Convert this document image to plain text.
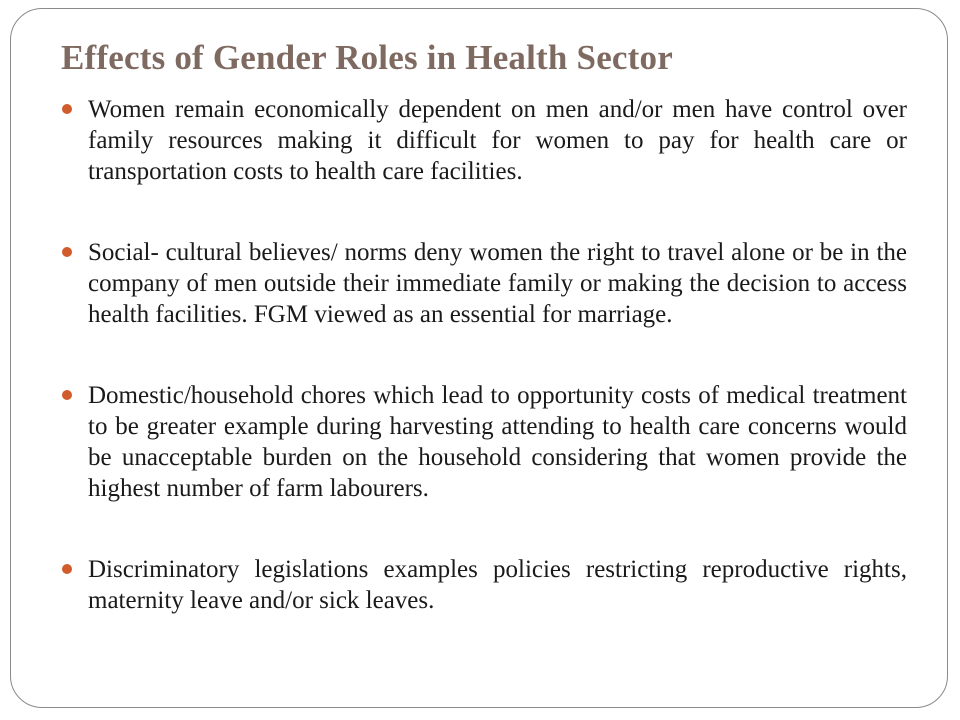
Effects of Gender Roles in Health Sector
Women remain economically dependent on men and/or men have control over family resources making it difficult for women to pay for health care or transportation costs to health care facilities.
Social- cultural believes/ norms deny women the right to travel alone or be in the company of men outside their immediate family or making the decision to access health facilities. FGM viewed as an essential for marriage.
Domestic/household chores which lead to opportunity costs of medical treatment to be greater example during harvesting attending to health care concerns would be unacceptable burden on the household considering that women provide the highest number of farm labourers.
Discriminatory legislations examples policies restricting reproductive rights, maternity leave and/or sick leaves.
